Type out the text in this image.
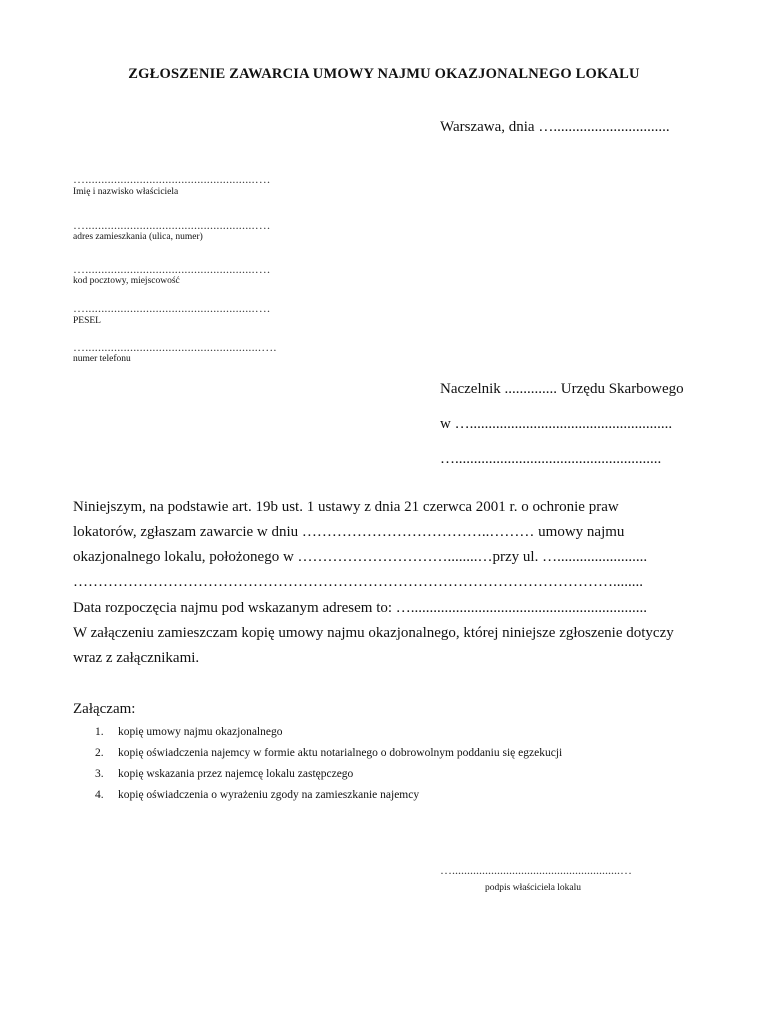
ZGŁOSZENIE ZAWARCIA UMOWY NAJMU OKAZJONALNEGO LOKALU
Warszawa, dnia …...............................
….....................................................….
Imię i nazwisko właściciela
….....................................................….
adres zamieszkania (ulica, numer)
….....................................................….
kod pocztowy, miejscowość
….....................................................….
PESEL
….......................................................….
numer telefonu
Naczelnik .............. Urzędu Skarbowego
w …......................................................
….......................................................
Niniejszym, na podstawie art. 19b ust. 1 ustawy z dnia 21 czerwca 2001 r. o ochronie praw
lokatorów, zgłaszam zawarcie w dniu ………………………………..……… umowy najmu
okazjonalnego lokalu, położonego w …………………………........…przy ul. …........................
………………………………………………………………………………………………........
Data rozpoczęcia najmu pod wskazanym adresem to: …...............................................................
W załączeniu zamieszczam kopię umowy najmu okazjonalnego, której niniejsze zgłoszenie dotyczy
wraz z załącznikami.
Załączam:
1.	kopię umowy najmu okazjonalnego
2.	kopię oświadczenia najemcy w formie aktu notarialnego o dobrowolnym poddaniu się egzekucji
3.	kopię wskazania przez najemcę lokalu zastępczego
4.	kopię oświadczenia o wyrażeniu zgody na zamieszkanie najemcy
…........................................................…
podpis właściciela lokalu
